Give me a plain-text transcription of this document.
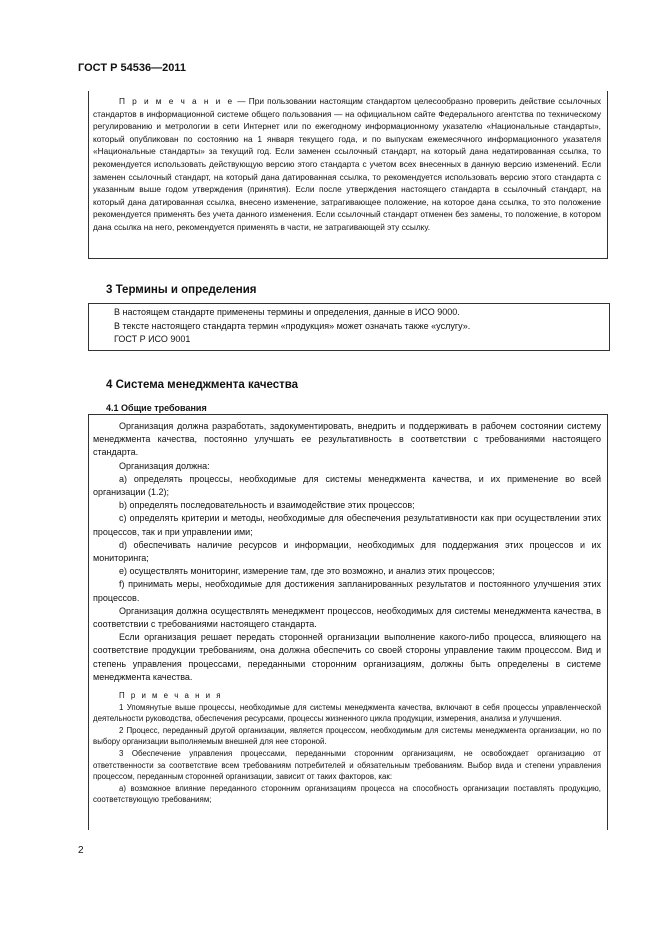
ГОСТ Р 54536—2011

П р и м е ч а н и е — При пользовании настоящим стандартом целесообразно проверить действие ссылочных стандартов в информационной системе общего пользования — на официальном сайте Федерального агентства по техническому регулированию и метрологии в сети Интернет или по ежегодному информационному указателю «Национальные стандарты», который опубликован по состоянию на 1 января текущего года, и по выпускам ежемесячного информационного указателя «Национальные стандарты» за текущий год. Если заменен ссылочный стандарт, на который дана недатированная ссылка, то рекомендуется использовать действующую версию этого стандарта с учетом всех внесенных в данную версию изменений. Если заменен ссылочный стандарт, на который дана датированная ссылка, то рекомендуется использовать версию этого стандарта с указанным выше годом утверждения (принятия). Если после утверждения настоящего стандарта в ссылочный стандарт, на который дана датированная ссылка, внесено изменение, затрагивающее положение, на которое дана ссылка, то это положение рекомендуется применять без учета данного изменения. Если ссылочный стандарт отменен без замены, то положение, в котором дана ссылка на него, рекомендуется применять в части, не затрагивающей эту ссылку.

3 Термины и определения
В настоящем стандарте применены термины и определения, данные в ИСО 9000.
В тексте настоящего стандарта термин «продукция» может означать также «услугу».
ГОСТ Р ИСО 9001
4 Система менеджмента качества
4.1 Общие требования

Организация должна разработать, задокументировать, внедрить и поддерживать в рабочем состоянии систему менеджмента качества, постоянно улучшать ее результативность в соответствии с требованиями настоящего стандарта.

Организация должна:

a) определять процессы, необходимые для системы менеджмента качества, и их применение во всей организации (1.2);

b) определять последовательность и взаимодействие этих процессов;

c) определять критерии и методы, необходимые для обеспечения результативности как при осуществлении этих процессов, так и при управлении ими;

d) обеспечивать наличие ресурсов и информации, необходимых для поддержания этих процессов и их мониторинга;

e) осуществлять мониторинг, измерение там, где это возможно, и анализ этих процессов;

f) принимать меры, необходимые для достижения запланированных результатов и постоянного улучшения этих процессов.

Организация должна осуществлять менеджмент процессов, необходимых для системы менеджмента качества, в соответствии с требованиями настоящего стандарта.

Если организация решает передать сторонней организации выполнение какого-либо процесса, влияющего на соответствие продукции требованиям, она должна обеспечить со своей стороны управление таким процессом. Вид и степень управления процессами, переданными сторонним организациям, должны быть определены в системе менеджмента качества.

П р и м е ч а н и я

1 Упомянутые выше процессы, необходимые для системы менеджмента качества, включают в себя процессы управленческой деятельности руководства, обеспечения ресурсами, процессы жизненного цикла продукции, измерения, анализа и улучшения.

2 Процесс, переданный другой организации, является процессом, необходимым для системы менеджмента организации, но по выбору организации выполняемым внешней для нее стороной.

3 Обеспечение управления процессами, переданными сторонним организациям, не освобождает организацию от ответственности за соответствие всем требованиям потребителей и обязательным требованиям. Выбор вида и степени управления процессом, переданным сторонней организации, зависит от таких факторов, как:

a) возможное влияние переданного сторонним организациям процесса на способность организации поставлять продукцию, соответствующую требованиям;

2
